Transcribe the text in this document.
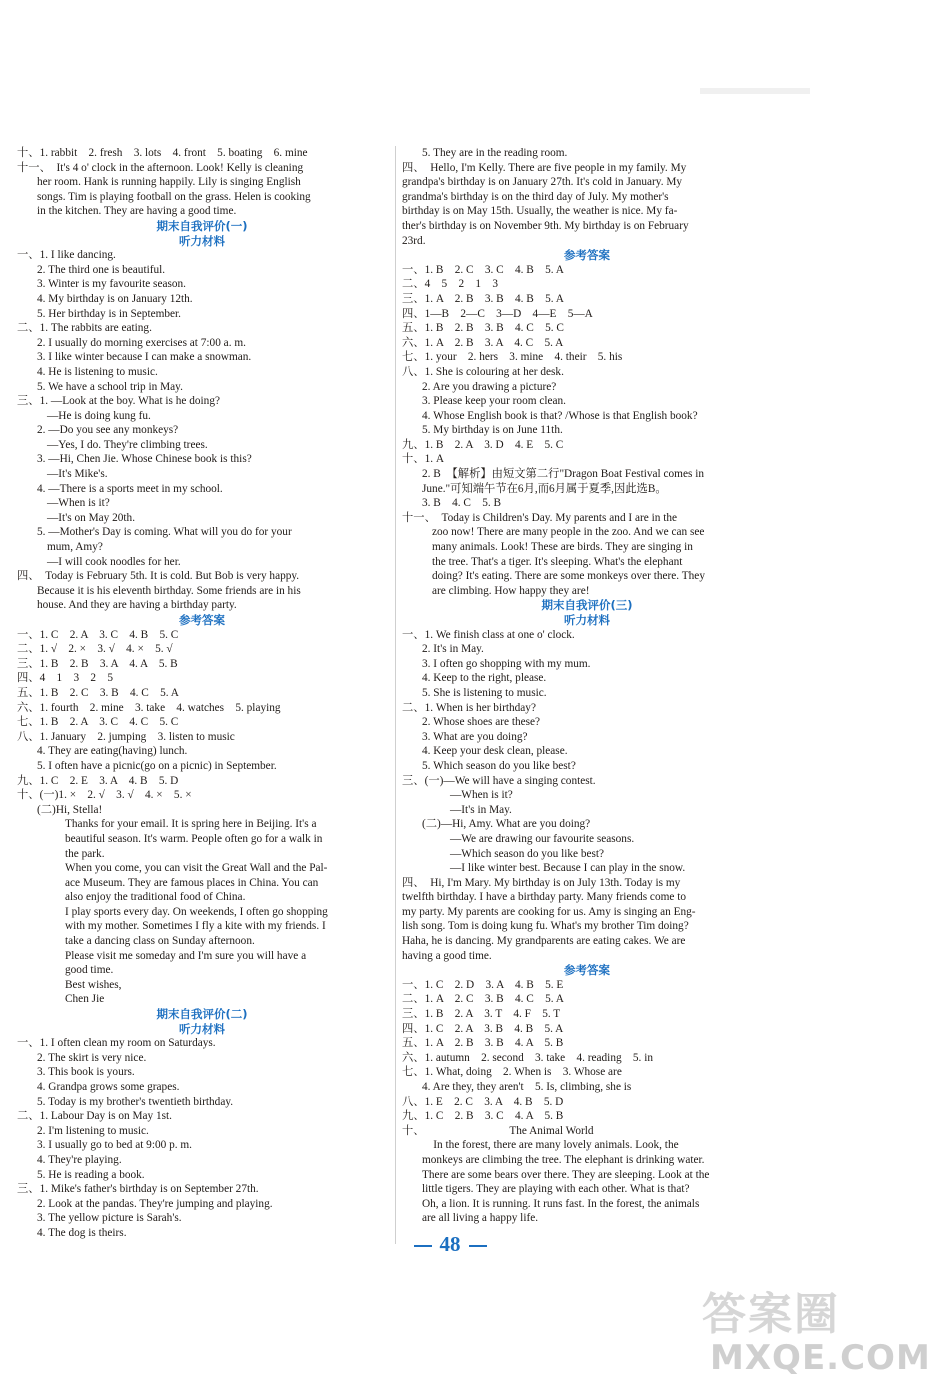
十、1. rabbit　2. fresh　3. lots　4. front　5. boating　6. mine
十一、　It's 4 o' clock in the afternoon. Look! Kelly is cleaning
her room. Hank is running happily. Lily is singing English
songs. Tim is playing football on the grass. Helen is cooking
in the kitchen. They are having a good time.
期末自我评价(一)
听力材料
一、1. I like dancing.
2. The third one is beautiful.
3. Winter is my favourite season.
4. My birthday is on January 12th.
5. Her birthday is in September.
二、1. The rabbits are eating.
2. I usually do morning exercises at 7:00 a. m.
3. I like winter because I can make a snowman.
4. He is listening to music.
5. We have a school trip in May.
三、1. —Look at the boy. What is he doing?
—He is doing kung fu.
2. —Do you see any monkeys?
—Yes, I do. They're climbing trees.
3. —Hi, Chen Jie. Whose Chinese book is this?
—It's Mike's.
4. —There is a sports meet in my school.
—When is it?
—It's on May 20th.
5. —Mother's Day is coming. What will you do for your
mum, Amy?
—I will cook noodles for her.
四、　Today is February 5th. It is cold. But Bob is very happy.
Because it is his eleventh birthday. Some friends are in his
house. And they are having a birthday party.
参考答案
一、1. C　2. A　3. C　4. B　5. C
二、1. √　2. ×　3. √　4. ×　5. √
三、1. B　2. B　3. A　4. A　5. B
四、4　1　3　2　5
五、1. B　2. C　3. B　4. C　5. A
六、1. fourth　2. mine　3. take　4. watches　5. playing
七、1. B　2. A　3. C　4. C　5. C
八、1. January　2. jumping　3. listen to music
4. They are eating(having) lunch.
5. I often have a picnic(go on a picnic) in September.
九、1. C　2. E　3. A　4. B　5. D
十、(一)1. ×　2. √　3. √　4. ×　5. ×
(二)Hi, Stella!
Thanks for your email. It is spring here in Beijing. It's a
beautiful season. It's warm. People often go for a walk in
the park.
When you come, you can visit the Great Wall and the Pal-
ace Museum. They are famous places in China. You can
also enjoy the traditional food of China.
I play sports every day. On weekends, I often go shopping
with my mother. Sometimes I fly a kite with my friends. I
take a dancing class on Sunday afternoon.
Please visit me someday and I'm sure you will have a
good time.
Best wishes,
Chen Jie
期末自我评价(二)
听力材料
一、1. I often clean my room on Saturdays.
2. The skirt is very nice.
3. This book is yours.
4. Grandpa grows some grapes.
5. Today is my brother's twentieth birthday.
二、1. Labour Day is on May 1st.
2. I'm listening to music.
3. I usually go to bed at 9:00 p. m.
4. They're playing.
5. He is reading a book.
三、1. Mike's father's birthday is on September 27th.
2. Look at the pandas. They're jumping and playing.
3. The yellow picture is Sarah's.
4. The dog is theirs.
5. They are in the reading room.
四、　Hello, I'm Kelly. There are five people in my family. My
grandpa's birthday is on January 27th. It's cold in January. My
grandma's birthday is on the third day of July. My mother's
birthday is on May 15th. Usually, the weather is nice. My fa-
ther's birthday is on November 9th. My birthday is on February
23rd.
参考答案
一、1. B　2. C　3. C　4. B　5. A
二、4　5　2　1　3
三、1. A　2. B　3. B　4. B　5. A
四、1—B　2—C　3—D　4—E　5—A
五、1. B　2. B　3. B　4. C　5. C
六、1. A　2. B　3. A　4. C　5. A
七、1. your　2. hers　3. mine　4. their　5. his
八、1. She is colouring at her desk.
2. Are you drawing a picture?
3. Please keep your room clean.
4. Whose English book is that? /Whose is that English book?
5. My birthday is on June 11th.
九、1. B　2. A　3. D　4. E　5. C
十、1. A
2. B　【解析】由短文第二行"Dragon Boat Festival comes in
June."可知端午节在6月,而6月属于夏季,因此选B。
3. B　4. C　5. B
十一、　Today is Children's Day. My parents and I are in the
zoo now! There are many people in the zoo. And we can see
many animals. Look! These are birds. They are singing in
the tree. That's a tiger. It's sleeping. What's the elephant
doing? It's eating. There are some monkeys over there. They
are climbing. How happy they are!
期末自我评价(三)
听力材料
一、1. We finish class at one o' clock.
2. It's in May.
3. I often go shopping with my mum.
4. Keep to the right, please.
5. She is listening to music.
二、1. When is her birthday?
2. Whose shoes are these?
3. What are you doing?
4. Keep your desk clean, please.
5. Which season do you like best?
三、(一)—We will have a singing contest.
—When is it?
—It's in May.
(二)—Hi, Amy. What are you doing?
—We are drawing our favourite seasons.
—Which season do you like best?
—I like winter best. Because I can play in the snow.
四、　Hi, I'm Mary. My birthday is on July 13th. Today is my
twelfth birthday. I have a birthday party. Many friends come to
my party. My parents are cooking for us. Amy is singing an Eng-
lish song. Tom is doing kung fu. What's my brother Tim doing?
Haha, he is dancing. My grandparents are eating cakes. We are
having a good time.
参考答案
一、1. C　2. D　3. A　4. B　5. E
二、1. A　2. C　3. B　4. C　5. A
三、1. B　2. A　3. T　4. F　5. T
四、1. C　2. A　3. B　4. B　5. A
五、1. A　2. B　3. B　4. A　5. B
六、1. autumn　2. second　3. take　4. reading　5. in
七、1. What, doing　2. When is　3. Whose are
4. Are they, they aren't　5. Is, climbing, she is
八、1. E　2. C　3. A　4. B　5. D
九、1. C　2. B　3. C　4. A　5. B
十、　　　　　　　　The Animal World
　In the forest, there are many lovely animals. Look, the
monkeys are climbing the tree. The elephant is drinking water.
There are some bears over there. They are sleeping. Look at the
little tigers. They are playing with each other. What is that?
Oh, a lion. It is running. It runs fast. In the forest, the animals
are all living a happy life.
48
答案圈
MXQE.COM
